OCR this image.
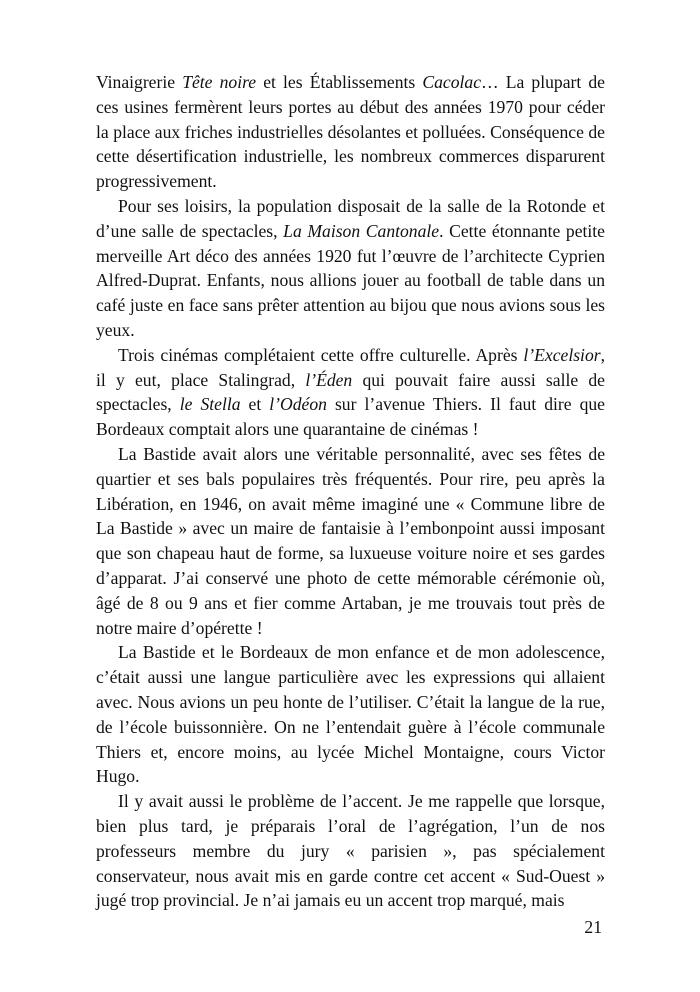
Vinaigrerie Tête noire et les Établissements Cacolac… La plupart de ces usines fermèrent leurs portes au début des années 1970 pour céder la place aux friches industrielles désolantes et polluées. Conséquence de cette désertification industrielle, les nombreux commerces disparurent progressivement.

Pour ses loisirs, la population disposait de la salle de la Rotonde et d’une salle de spectacles, La Maison Cantonale. Cette étonnante petite merveille Art déco des années 1920 fut l’œuvre de l’architecte Cyprien Alfred-Duprat. Enfants, nous allions jouer au football de table dans un café juste en face sans prêter attention au bijou que nous avions sous les yeux.

Trois cinémas complétaient cette offre culturelle. Après l’Excelsior, il y eut, place Stalingrad, l’Éden qui pouvait faire aussi salle de spectacles, le Stella et l’Odéon sur l’avenue Thiers. Il faut dire que Bordeaux comptait alors une quarantaine de cinémas !

La Bastide avait alors une véritable personnalité, avec ses fêtes de quartier et ses bals populaires très fréquentés. Pour rire, peu après la Libération, en 1946, on avait même imaginé une « Commune libre de La Bastide » avec un maire de fantaisie à l’embonpoint aussi imposant que son chapeau haut de forme, sa luxueuse voiture noire et ses gardes d’apparat. J’ai conservé une photo de cette mémorable cérémonie où, âgé de 8 ou 9 ans et fier comme Artaban, je me trouvais tout près de notre maire d’opérette !

La Bastide et le Bordeaux de mon enfance et de mon adolescence, c’était aussi une langue particulière avec les expressions qui allaient avec. Nous avions un peu honte de l’utiliser. C’était la langue de la rue, de l’école buissonnière. On ne l’entendait guère à l’école communale Thiers et, encore moins, au lycée Michel Montaigne, cours Victor Hugo.

Il y avait aussi le problème de l’accent. Je me rappelle que lorsque, bien plus tard, je préparais l’oral de l’agrégation, l’un de nos professeurs membre du jury « parisien », pas spécialement conservateur, nous avait mis en garde contre cet accent « Sud-Ouest » jugé trop provincial. Je n’ai jamais eu un accent trop marqué, mais

21
